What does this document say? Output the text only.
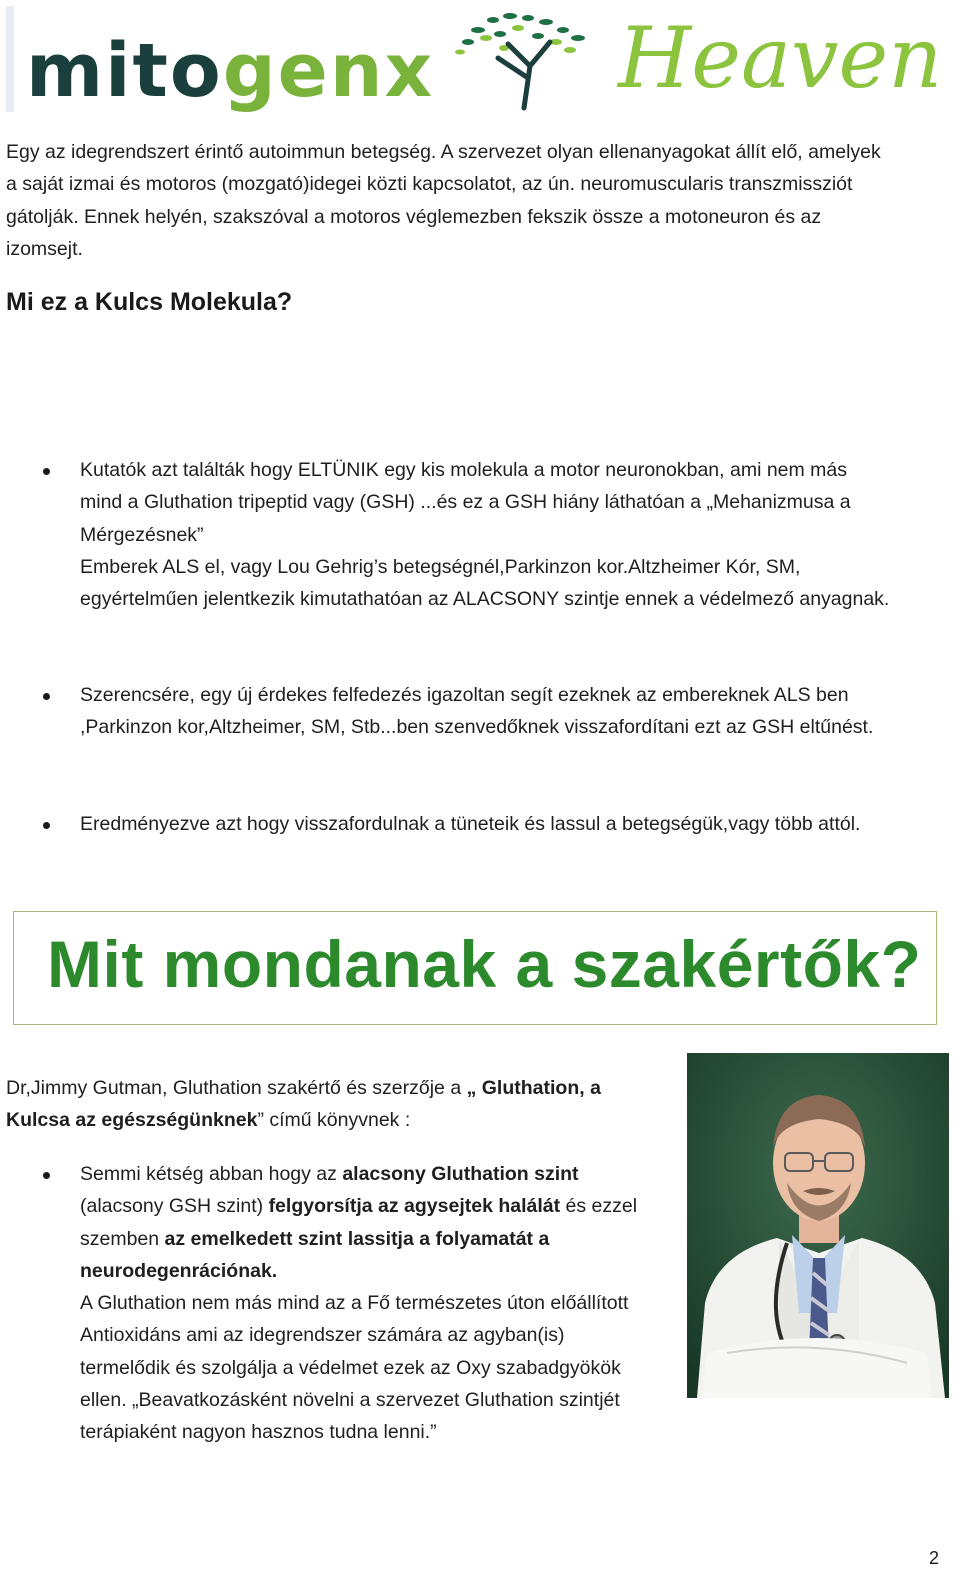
mitogenx Heaven

Egy az idegrendszert érintő autoimmun betegség. A szervezet olyan ellenanyagokat állít elő, amelyek
a saját izmai és motoros (mozgató)idegei közti kapcsolatot, az ún. neuromuscularis transzmissziót
gátolják. Ennek helyén, szakszóval a motoros véglemezben fekszik össze a motoneuron és az
izomsejt.

Mi ez a Kulcs Molekula?
Kutatók azt találták hogy ELTÜNIK egy kis molekula a motor neuronokban, ami nem más
mind a Gluthation tripeptid vagy (GSH) ...és ez a GSH hiány láthatóan a „Mehanizmusa a
Mérgezésnek”
Emberek ALS el, vagy Lou Gehrig’s betegségnél,Parkinzon kor.Altzheimer Kór, SM,
egyértelműen jelentkezik kimutathatóan az ALACSONY szintje ennek a védelmező anyagnak.
Szerencsére, egy új érdekes felfedezés igazoltan segít ezeknek az embereknek ALS ben
,Parkinzon kor,Altzheimer, SM, Stb...ben szenvedőknek visszafordítani ezt az GSH eltűnést.
Eredményezve azt hogy visszafordulnak a tüneteik és lassul a betegségük,vagy több attól.
Mit mondanak a szakértők?

Dr,Jimmy Gutman, Gluthation szakértő és szerzője a „ Gluthation, a
Kulcsa az egészségünknek” című könyvnek :

Semmi kétség abban hogy az alacsony Gluthation szint
(alacsony GSH szint) felgyorsítja az agysejtek halálát és ezzel
szemben az emelkedett szint lassitja a folyamatát a
neurodegenrációnak.
A Gluthation nem más mind az a Fő természetes úton előállított
Antioxidáns ami az idegrendszer számára az agyban(is)
termelődik és szolgálja a védelmet ezek az Oxy szabadgyökök
ellen. „Beavatkozásként növelni a szervezet Gluthation szintjét
terápiaként nagyon hasznos tudna lenni.”
2
